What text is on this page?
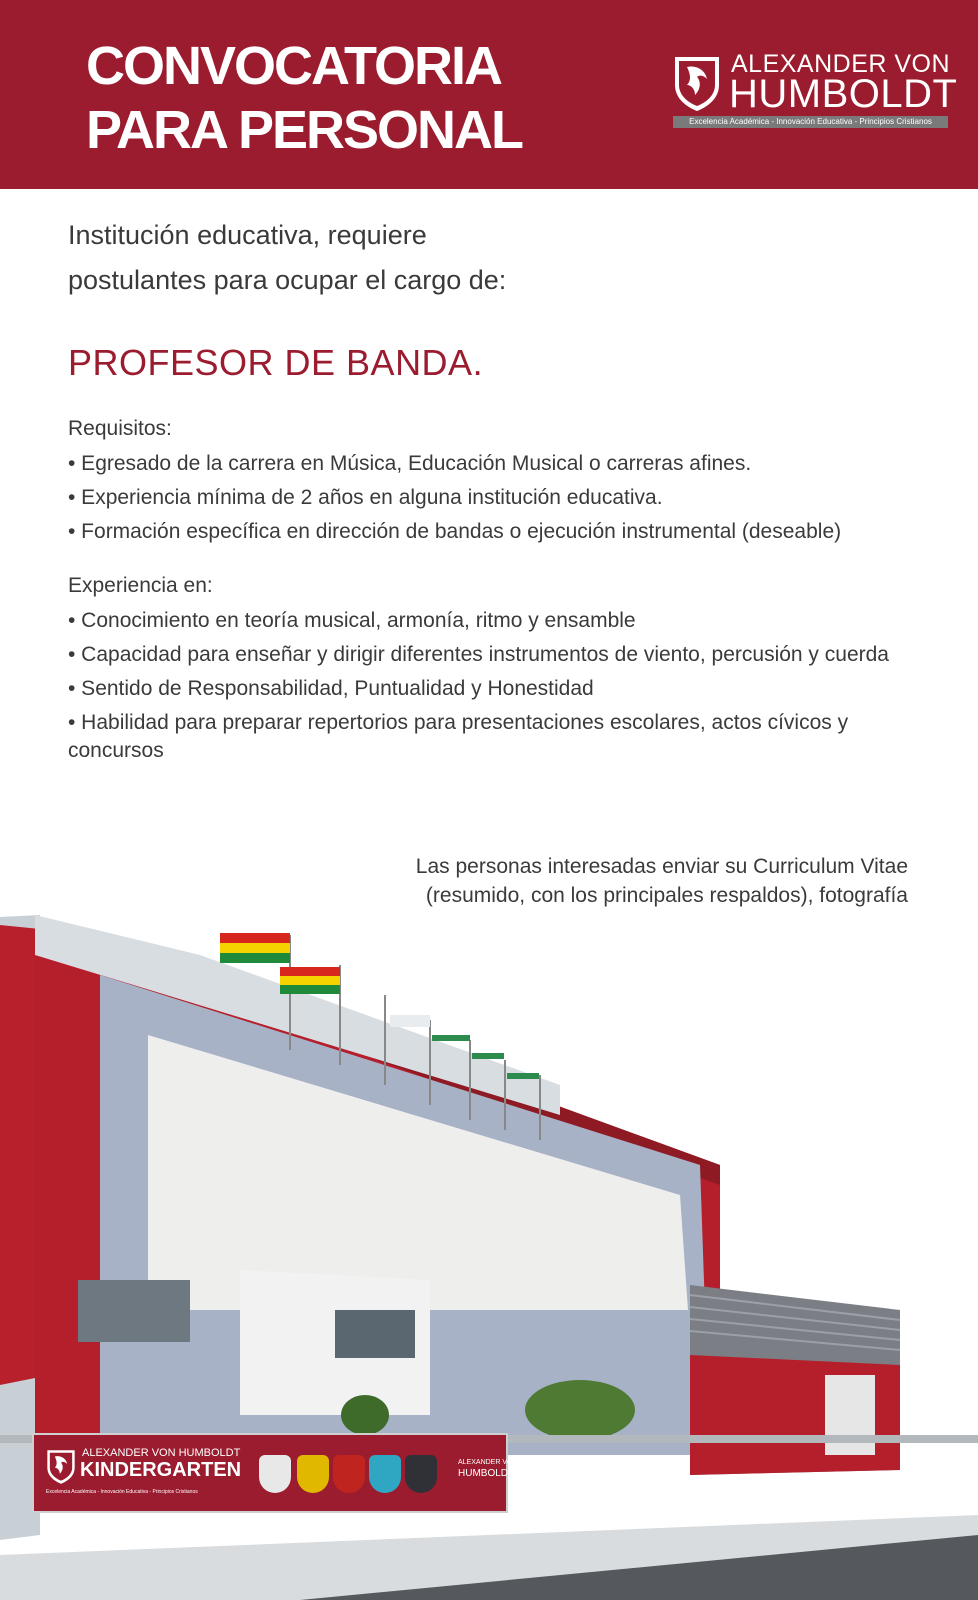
CONVOCATORIA
PARA PERSONAL
ALEXANDER VON
HUMBOLDT
Excelencia Académica - Innovación Educativa - Principios Cristianos
Institución educativa, requiere
postulantes para ocupar el cargo de:
PROFESOR DE BANDA.
Requisitos:
• Egresado de la carrera en Música, Educación Musical o carreras afines.
• Experiencia mínima de 2 años en alguna institución educativa.
• Formación específica en dirección de bandas o ejecución instrumental (deseable)
Experiencia en:
• Conocimiento en teoría musical, armonía, ritmo y ensamble
• Capacidad para enseñar y dirigir diferentes instrumentos de viento, percusión y cuerda
• Sentido de Responsabilidad, Puntualidad y Honestidad
• Habilidad para preparar repertorios para presentaciones escolares, actos cívicos y concursos
Las personas interesadas enviar su Curriculum Vitae
(resumido, con los principales respaldos), fotografía
ALEXANDER VON HUMBOLDT
KINDERGARTEN
Excelencia Académica - Innovación Educativa - Principios Cristianos
ALEXANDER VON
HUMBOLDT
